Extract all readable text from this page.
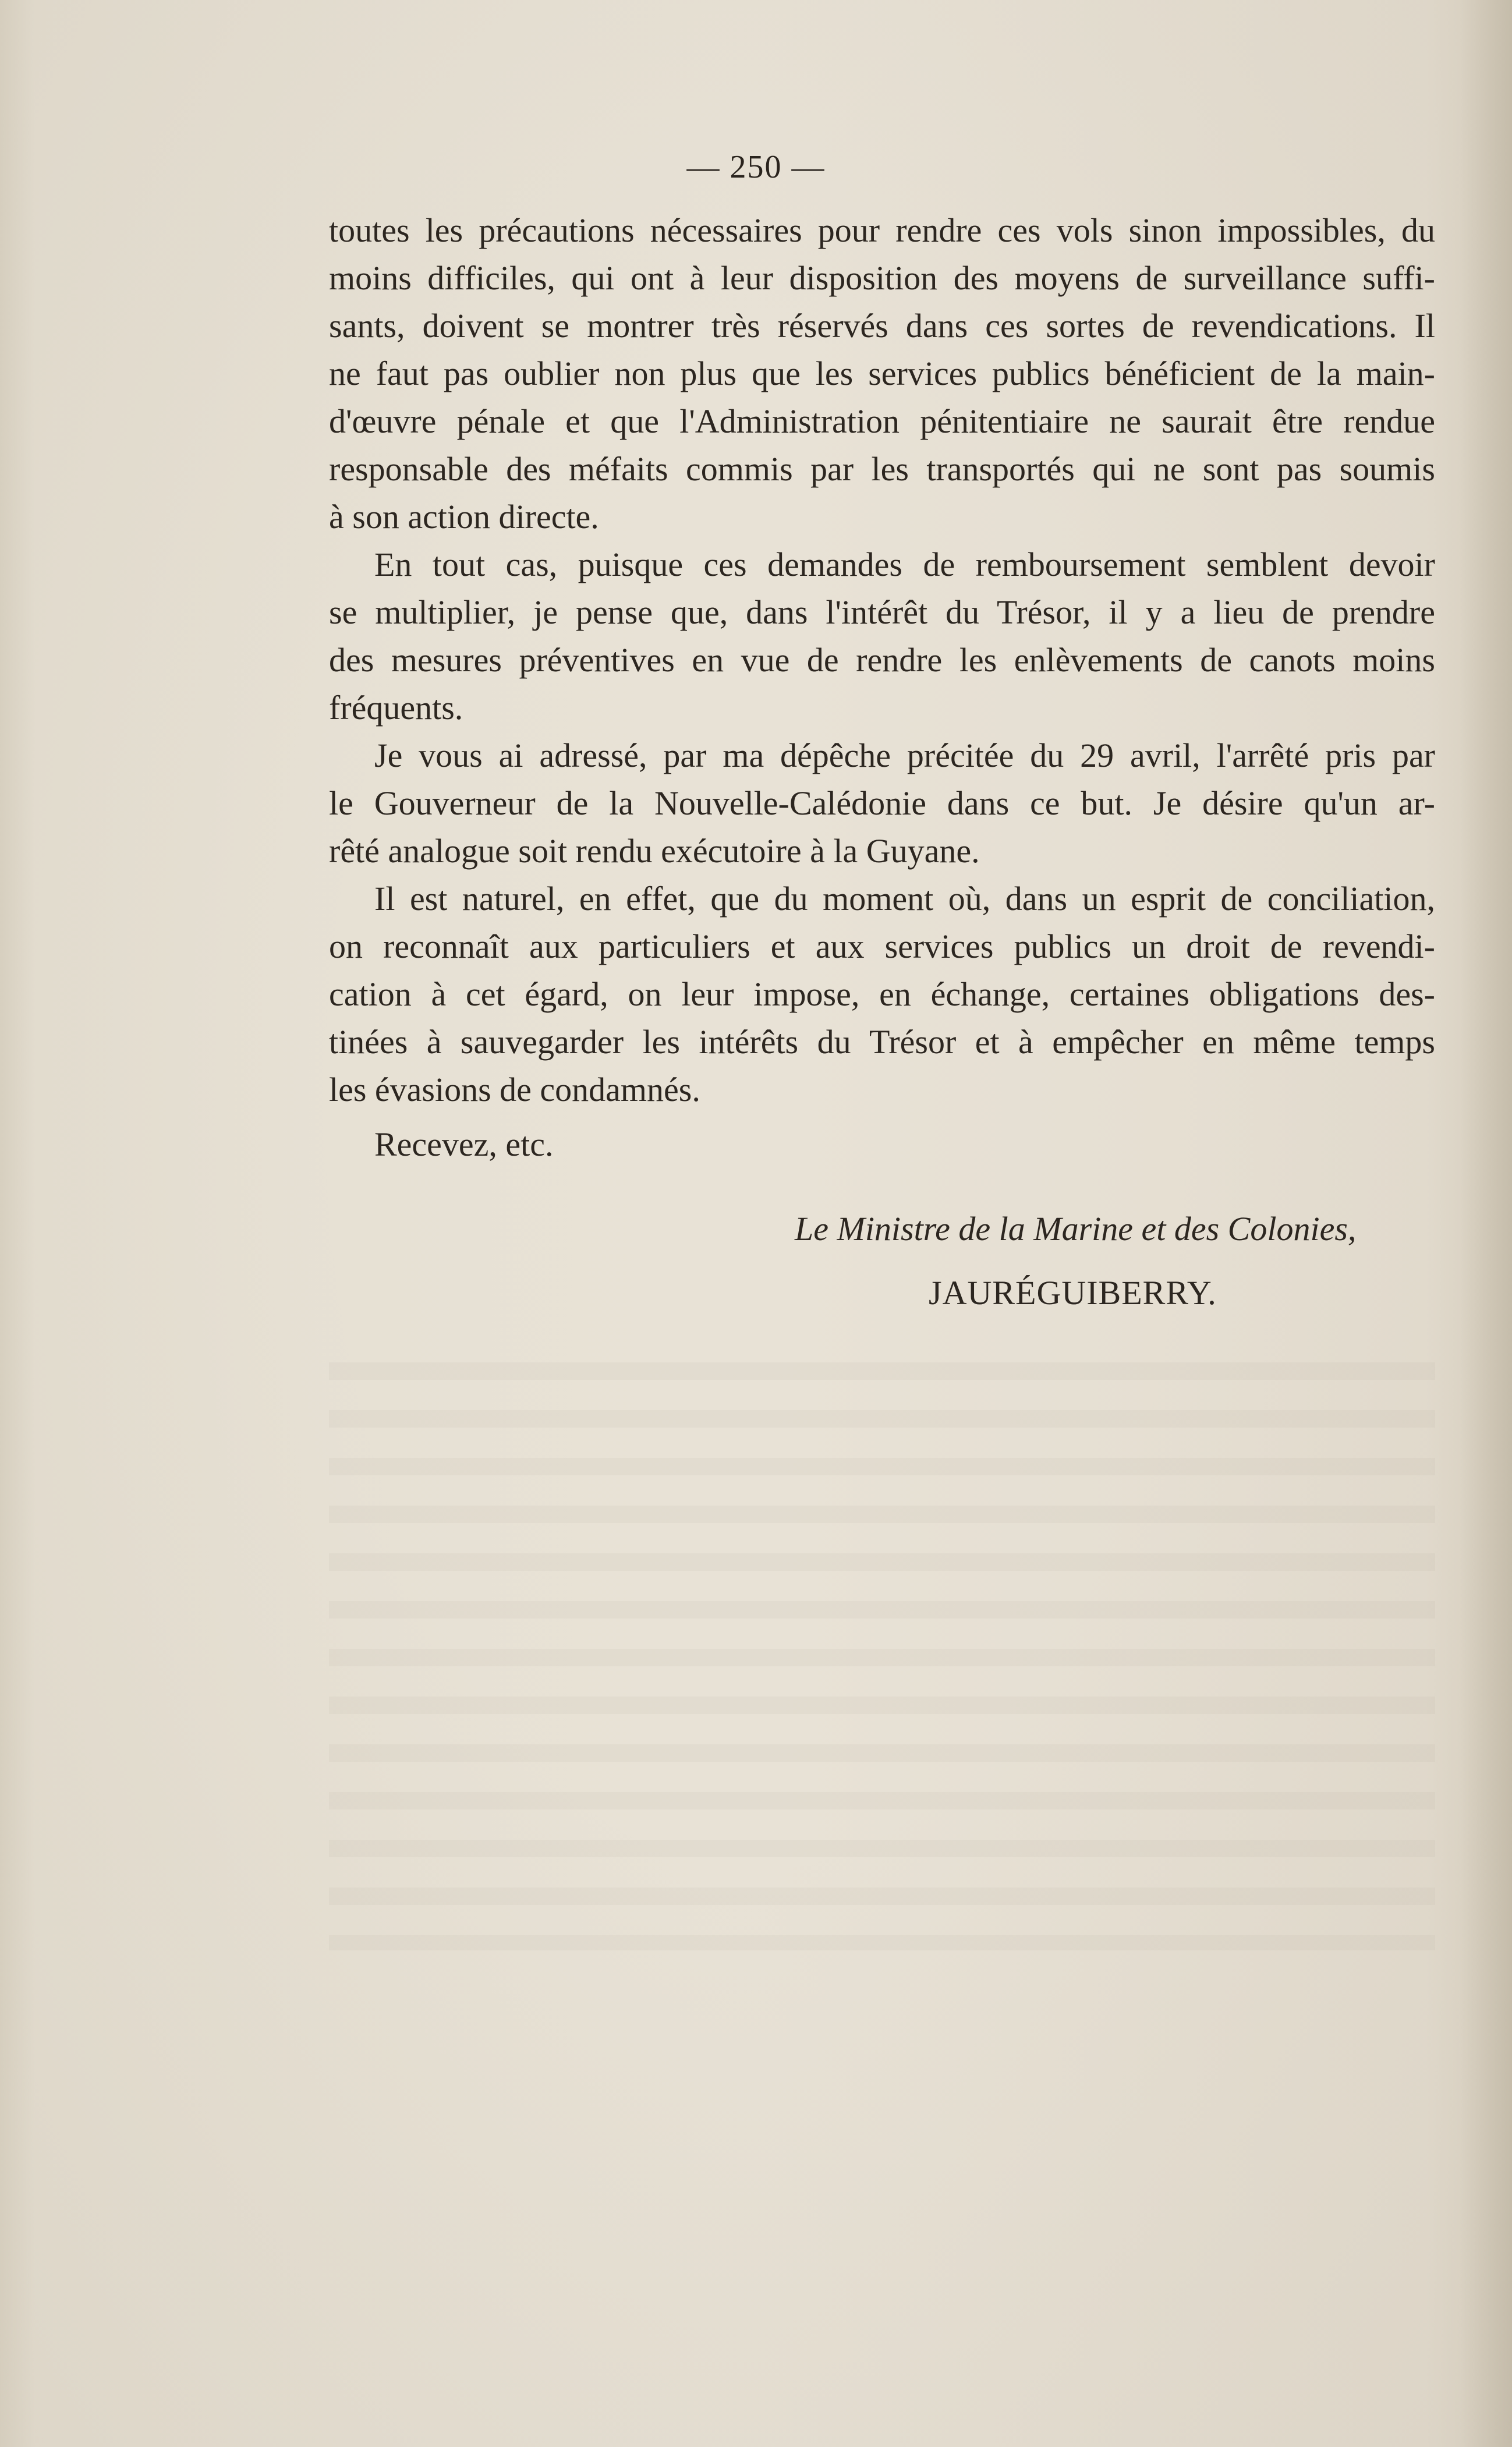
— 250 —
toutes les précautions nécessaires pour rendre ces vols sinon impossibles, du
moins difficiles, qui ont à leur disposition des moyens de surveillance suffi-
sants, doivent se montrer très réservés dans ces sortes de revendications. Il
ne faut pas oublier non plus que les services publics bénéficient de la main-
d'œuvre pénale et que l'Administration pénitentiaire ne saurait être rendue
responsable des méfaits commis par les transportés qui ne sont pas soumis
à son action directe.
En tout cas, puisque ces demandes de remboursement semblent devoir
se multiplier, je pense que, dans l'intérêt du Trésor, il y a lieu de prendre
des mesures préventives en vue de rendre les enlèvements de canots moins
fréquents.
Je vous ai adressé, par ma dépêche précitée du 29 avril, l'arrêté pris par
le Gouverneur de la Nouvelle-Calédonie dans ce but. Je désire qu'un ar-
rêté analogue soit rendu exécutoire à la Guyane.
Il est naturel, en effet, que du moment où, dans un esprit de conciliation,
on reconnaît aux particuliers et aux services publics un droit de revendi-
cation à cet égard, on leur impose, en échange, certaines obligations des-
tinées à sauvegarder les intérêts du Trésor et à empêcher en même temps
les évasions de condamnés.
Recevez, etc.
Le Ministre de la Marine et des Colonies,
JAURÉGUIBERRY.
